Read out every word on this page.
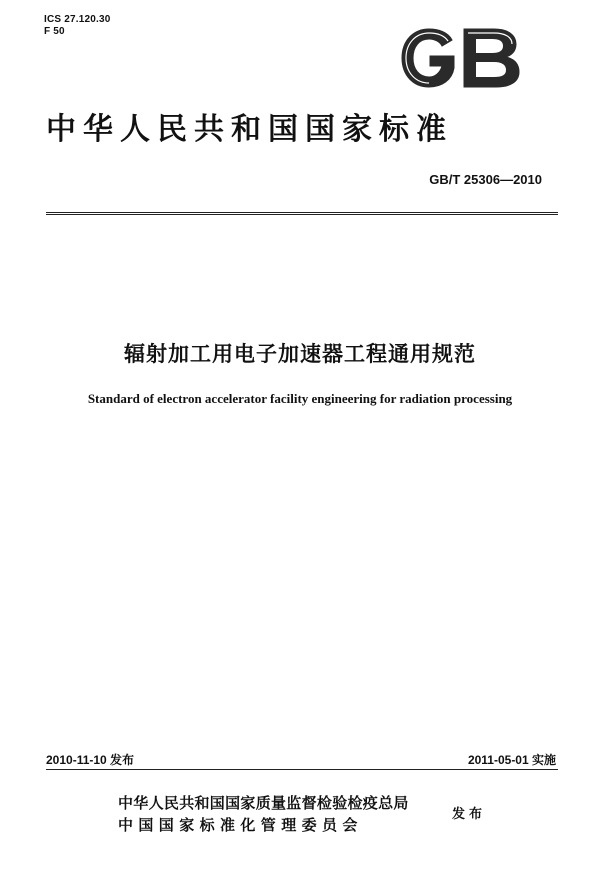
ICS 27.120.30
F 50
中华人民共和国国家标准
GB/T 25306—2010
辐射加工用电子加速器工程通用规范
Standard of electron accelerator facility engineering for radiation processing
2010-11-10 发布	2011-05-01 实施
中华人民共和国国家质量监督检验检疫总局
中国国家标准化管理委员会
发布
